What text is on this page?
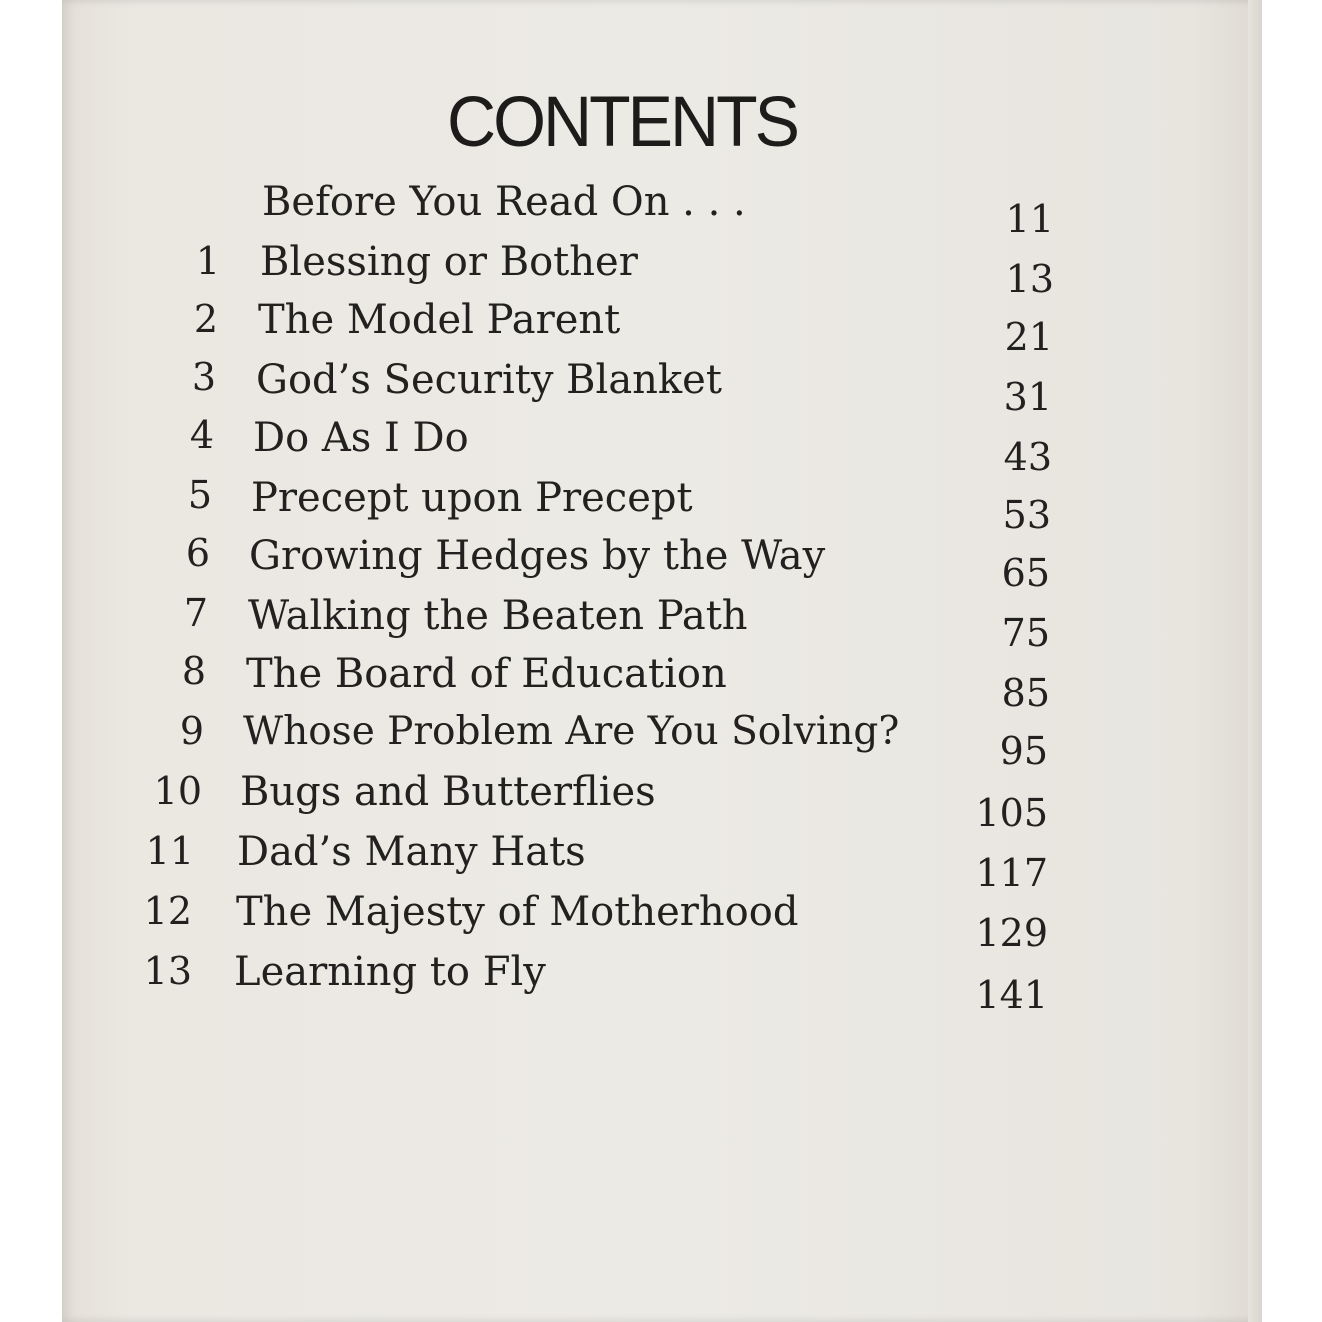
CONTENTS
Before You Read On . . .	11
1 Blessing or Bother	13
2 The Model Parent	21
3 God’s Security Blanket	31
4 Do As I Do	43
5 Precept upon Precept	53
6 Growing Hedges by the Way	65
7 Walking the Beaten Path	75
8 The Board of Education	85
9 Whose Problem Are You Solving?	95
10 Bugs and Butterflies	105
11 Dad’s Many Hats	117
12 The Majesty of Motherhood	129
13 Learning to Fly	141
